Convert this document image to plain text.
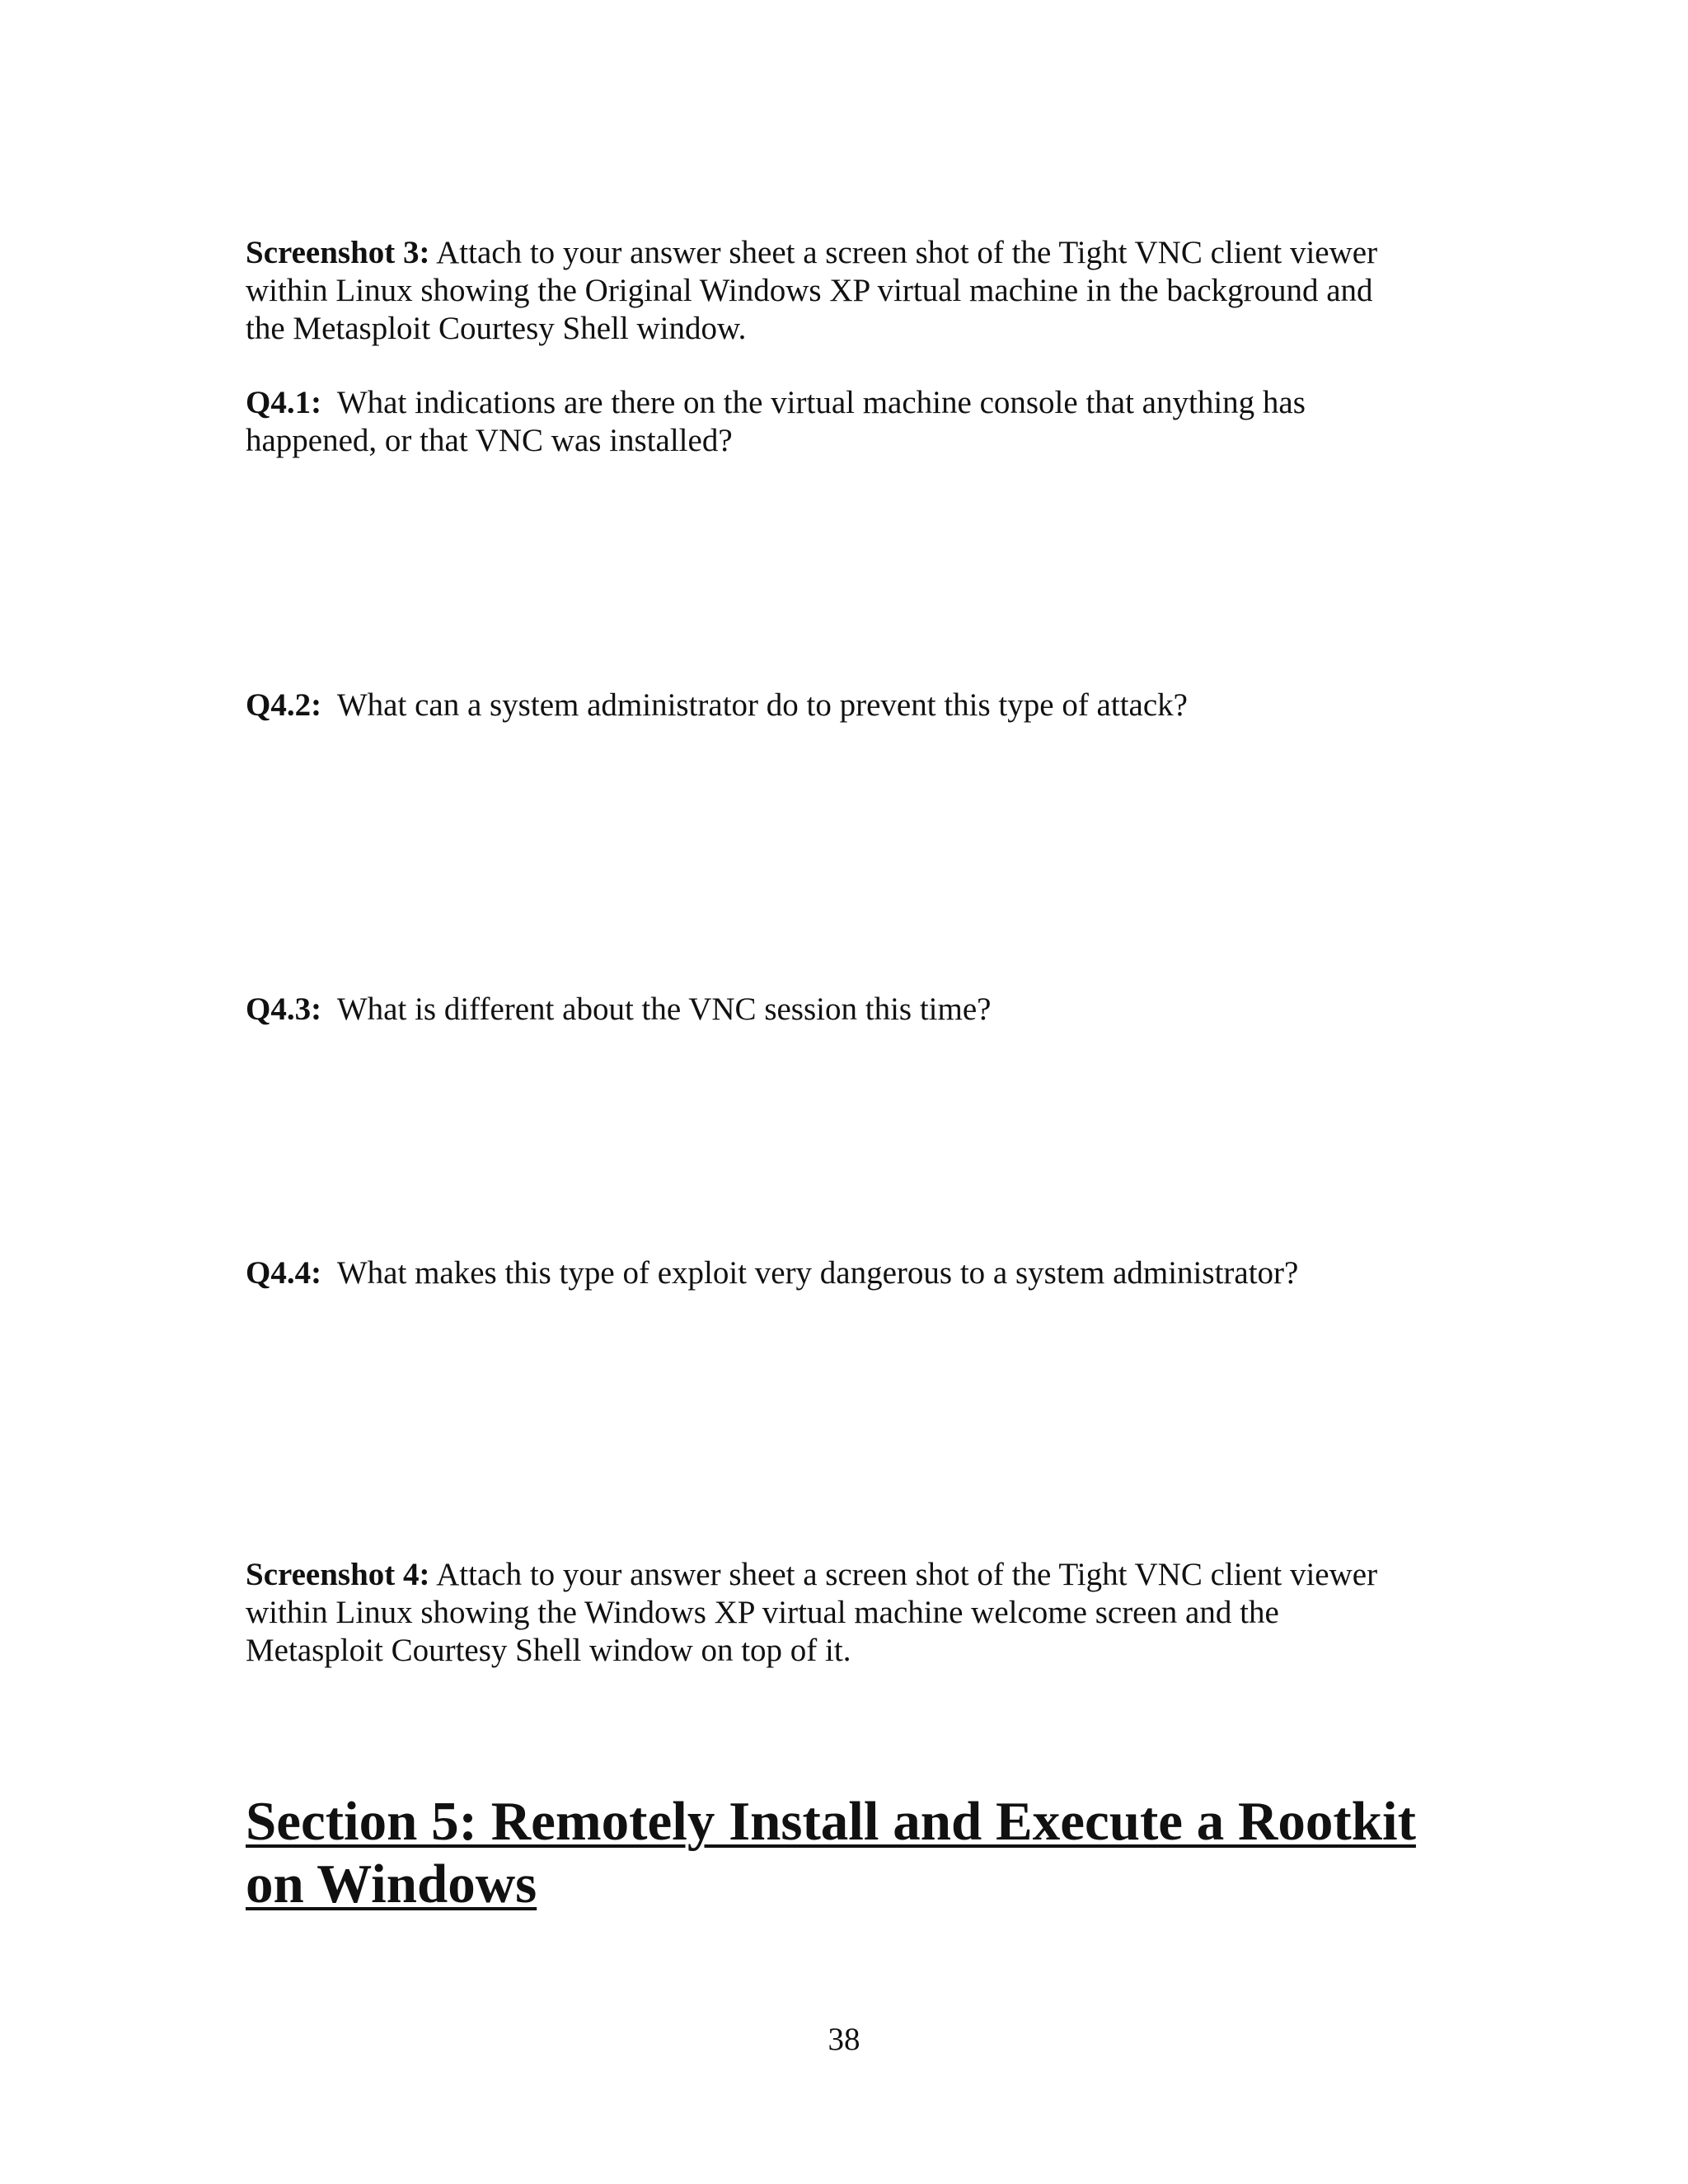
Screenshot 3: Attach to your answer sheet a screen shot of the Tight VNC client viewer
within Linux showing the Original Windows XP virtual machine in the background and
the Metasploit Courtesy Shell window.
Q4.1:  What indications are there on the virtual machine console that anything has
happened, or that VNC was installed?
Q4.2:  What can a system administrator do to prevent this type of attack?
Q4.3:  What is different about the VNC session this time?
Q4.4:  What makes this type of exploit very dangerous to a system administrator?
Screenshot 4: Attach to your answer sheet a screen shot of the Tight VNC client viewer
within Linux showing the Windows XP virtual machine welcome screen and the
Metasploit Courtesy Shell window on top of it.
Section 5: Remotely Install and Execute a Rootkit
on Windows
38
